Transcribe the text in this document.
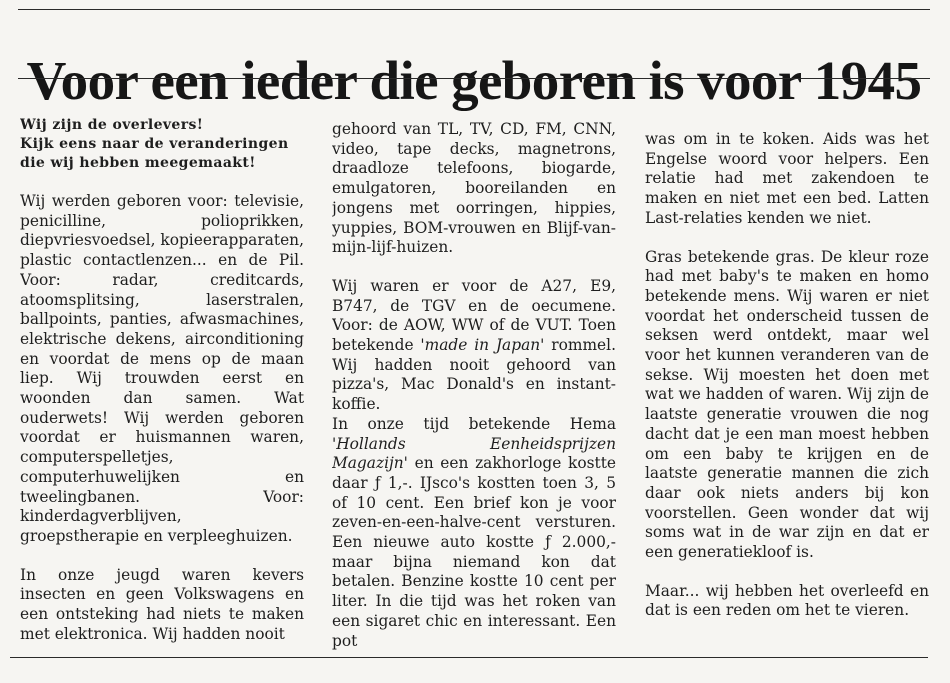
Voor een ieder die geboren is voor 1945

Wij zijn de overlevers!

Kijk eens naar de veranderingen

die wij hebben meegemaakt!

Wij werden geboren voor: televisie, penicilline, polioprikken, diepvriesvoedsel, kopieerapparaten, plastic contactlenzen... en de Pil. Voor: radar, creditcards, atoomsplitsing, laserstralen, ballpoints, panties, afwasmachines, elektrische dekens, airconditioning en voordat de mens op de maan liep. Wij trouwden eerst en woonden dan samen. Wat ouderwets! Wij werden geboren voordat er huismannen waren, computerspelletjes, computerhuwelijken en tweelingbanen. Voor: kinderdagverblijven, groepstherapie en verpleeghuizen.

In onze jeugd waren kevers insecten en geen Volkswagens en een ontsteking had niets te maken met elektronica. Wij hadden nooit

gehoord van TL, TV, CD, FM, CNN, video, tape decks, magnetrons, draadloze telefoons, biogarde, emulgatoren, booreilanden en jongens met oorringen, hippies, yuppies, BOM-vrouwen en Blijf-van-mijn-lijf-huizen.

Wij waren er voor de A27, E9, B747, de TGV en de oecumene. Voor: de AOW, WW of de VUT. Toen betekende 'made in Japan' rommel. Wij hadden nooit gehoord van pizza's, Mac Donald's en instant-koffie.

In onze tijd betekende Hema 'Hollands Eenheidsprijzen Magazijn' en een zakhorloge kostte daar ƒ 1,-. IJsco's kostten toen 3, 5 of 10 cent. Een brief kon je voor zeven-en-een-halve-cent versturen. Een nieuwe auto kostte ƒ 2.000,- maar bijna niemand kon dat betalen. Benzine kostte 10 cent per liter. In die tijd was het roken van een sigaret chic en interessant. Een pot

was om in te koken. Aids was het Engelse woord voor helpers. Een relatie had met zakendoen te maken en niet met een bed. Latten Last-relaties kenden we niet.

Gras betekende gras. De kleur roze had met baby's te maken en homo betekende mens. Wij waren er niet voordat het onderscheid tussen de seksen werd ontdekt, maar wel voor het kunnen veranderen van de sekse. Wij moesten het doen met wat we hadden of waren. Wij zijn de laatste generatie vrouwen die nog dacht dat je een man moest hebben om een baby te krijgen en de laatste generatie mannen die zich daar ook niets anders bij kon voorstellen. Geen wonder dat wij soms wat in de war zijn en dat er een generatiekloof is.

Maar... wij hebben het overleefd en dat is een reden om het te vieren.
